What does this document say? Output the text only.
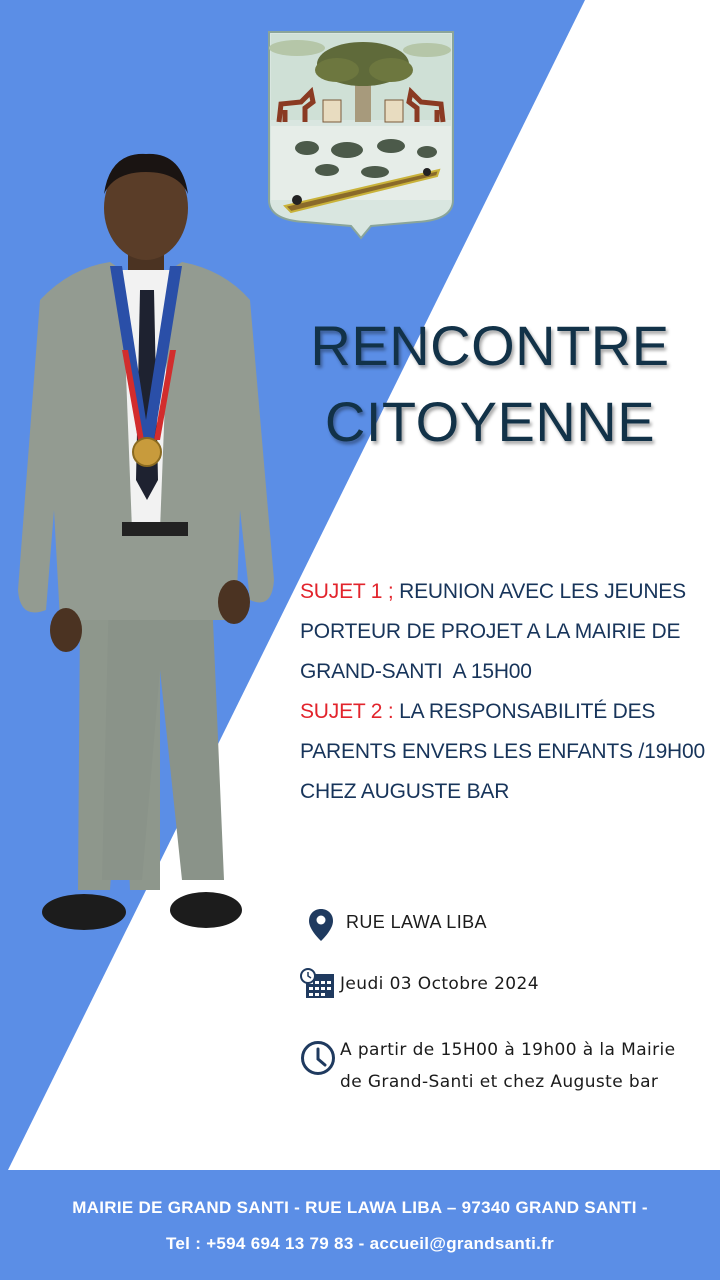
RENCONTRE
CITOYENNE
SUJET 1 ; REUNION AVEC LES JEUNES
PORTEUR DE PROJET A LA MAIRIE DE
GRAND-SANTI  A 15H00
SUJET 2 : LA RESPONSABILITÉ DES
PARENTS ENVERS LES ENFANTS /19H00
CHEZ AUGUSTE BAR
RUE LAWA LIBA
Jeudi 03 Octobre 2024
A partir de 15H00 à 19h00 à la Mairie
de Grand-Santi et chez Auguste bar
MAIRIE DE GRAND SANTI - RUE LAWA LIBA – 97340 GRAND SANTI -
Tel : +594 694 13 79 83 - accueil@grandsanti.fr
